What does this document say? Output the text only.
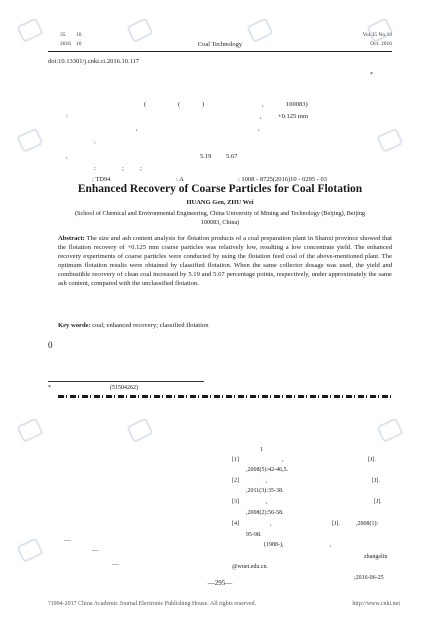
35 10
2016 10	Coal Technology
Vol.35 No.10
Oct. 2016
doi:10.13301/j.cnki.ct.2016.10.117
*
(	(	)	,	100083)
:	,	+0.125 mm
,	,
:
,	5.19 5.67
:	; ;
: TD94	: A	: 1008 - 8725(2016)10 - 0295 - 03
Enhanced Recovery of Coarse Particles for Coal Flotation
HUANG Gen, ZHU Wei
(School of Chemical and Environmental Engineering, China University of Mining and Technology (Beijing), Beijing
100083, China)
Abstract: The size and ash content analysis for flotation products of a coal preparation plant in Shanxi province showed that the flotation recovery of +0.125 mm coarse particles was relatively low, resulting a low concentrate yield. The enhanced recovery experiments of coarse particles were conducted by using the flotation feed coal of the above-mentioned plant. The optimum flotation results were obtained by classified flotation. When the same collector dosage was used, the yield and combustible recovery of clean coal increased by 5.19 and 5.67 percentage points, respectively, under approximately the same ash content, compared with the unclassified flotation.
Key words: coal; enhanced recovery; classified flotation
0
*	(51504262)
1
[1]	,	[J].
,2008(5):42-46,5.
[2]	,	[J].
,2011(3):35-38.
[3]	,	[J].
,2008(2):56-58.
[4]	,	[J].	,2008(1):
95-98.
—
—
—
(1988-),	,
zhangelin
@wuet.edu.cn.
;2016-06-25
—295—
?1994-2017 China Academic Journal Electronic Publishing House. All rights reserved.	http://www.cnki.net
